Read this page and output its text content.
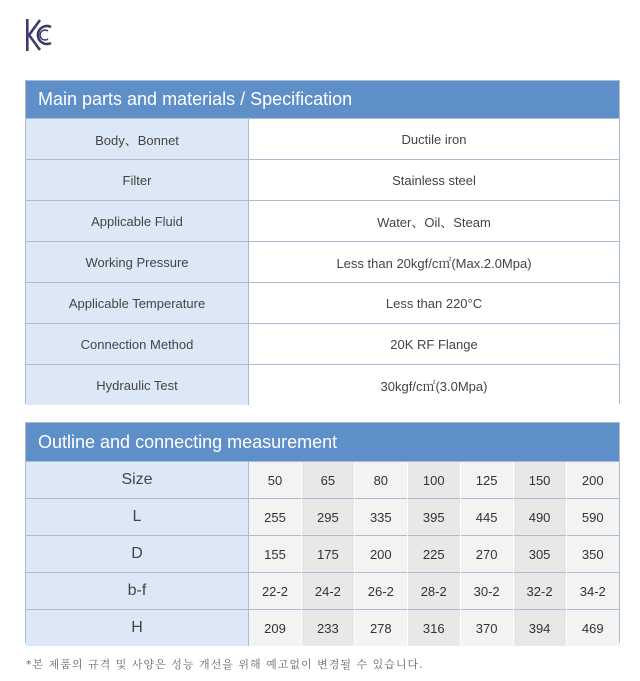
Main parts and materials / Specification
Body、Bonnet	Ductile iron
Filter	Stainless steel
Applicable Fluid	Water、Oil、Steam
Working Pressure	Less than 20kgf/c㎡(Max.2.0Mpa)
Applicable Temperature	Less than 220°C
Connection Method	20K RF Flange
Hydraulic Test	30kgf/c㎡(3.0Mpa)
Outline and connecting measurement
Size	50	65	80	100	125	150	200
L	255	295	335	395	445	490	590
D	155	175	200	225	270	305	350
b-f	22-2	24-2	26-2	28-2	30-2	32-2	34-2
H	209	233	278	316	370	394	469
*본 제품의 규격 및 사양은 성능 개선을 위해 예고없이 변경될 수 있습니다.
